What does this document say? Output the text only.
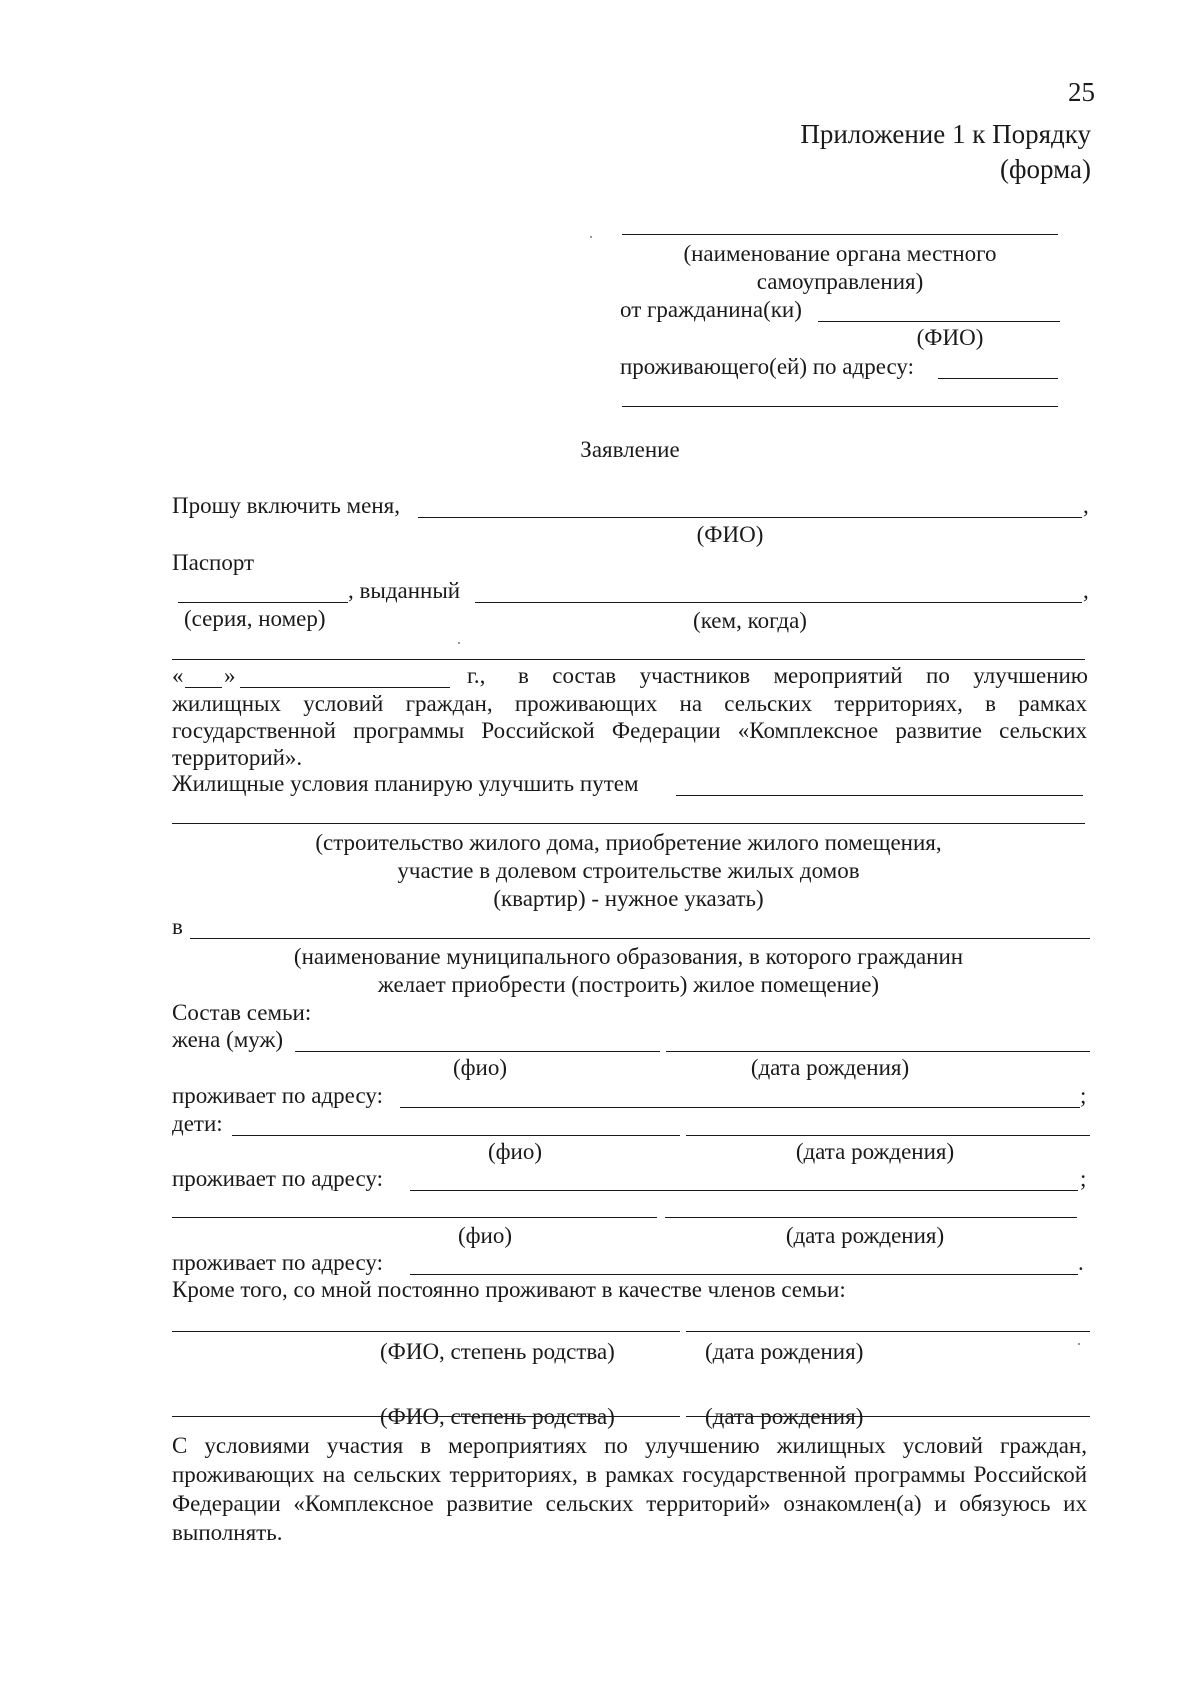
25
Приложение 1 к Порядку
(форма)
(наименование органа местного
самоуправления)
от гражданина(ки)
(ФИО)
проживающего(ей) по адресу:
Заявление
Прошу включить меня,	,
(ФИО)
Паспорт
, выданный	,
(серия, номер)	(кем, когда)
« »	г., в состав участников мероприятий по улучшению
жилищных условий граждан, проживающих на сельских территориях, в рамках государственной программы Российской Федерации «Комплексное развитие сельских территорий».
Жилищные условия планирую улучшить путем
(строительство жилого дома, приобретение жилого помещения,
участие в долевом строительстве жилых домов
(квартир) - нужное указать)
в
(наименование муниципального образования, в которого гражданин
желает приобрести (построить) жилое помещение)
Состав семьи:
жена (муж)
(фио)	(дата рождения)
проживает по адресу:	;
дети:
(фио)	(дата рождения)
проживает по адресу:	;
(фио)	(дата рождения)
проживает по адресу:	.
Кроме того, со мной постоянно проживают в качестве членов семьи:
(ФИО, степень родства)	(дата рождения)
(ФИО, степень родства)	(дата рождения)
С условиями участия в мероприятиях по улучшению жилищных условий граждан, проживающих на сельских территориях, в рамках государственной программы Российской Федерации «Комплексное развитие сельских территорий» ознакомлен(а) и обязуюсь их выполнять.
